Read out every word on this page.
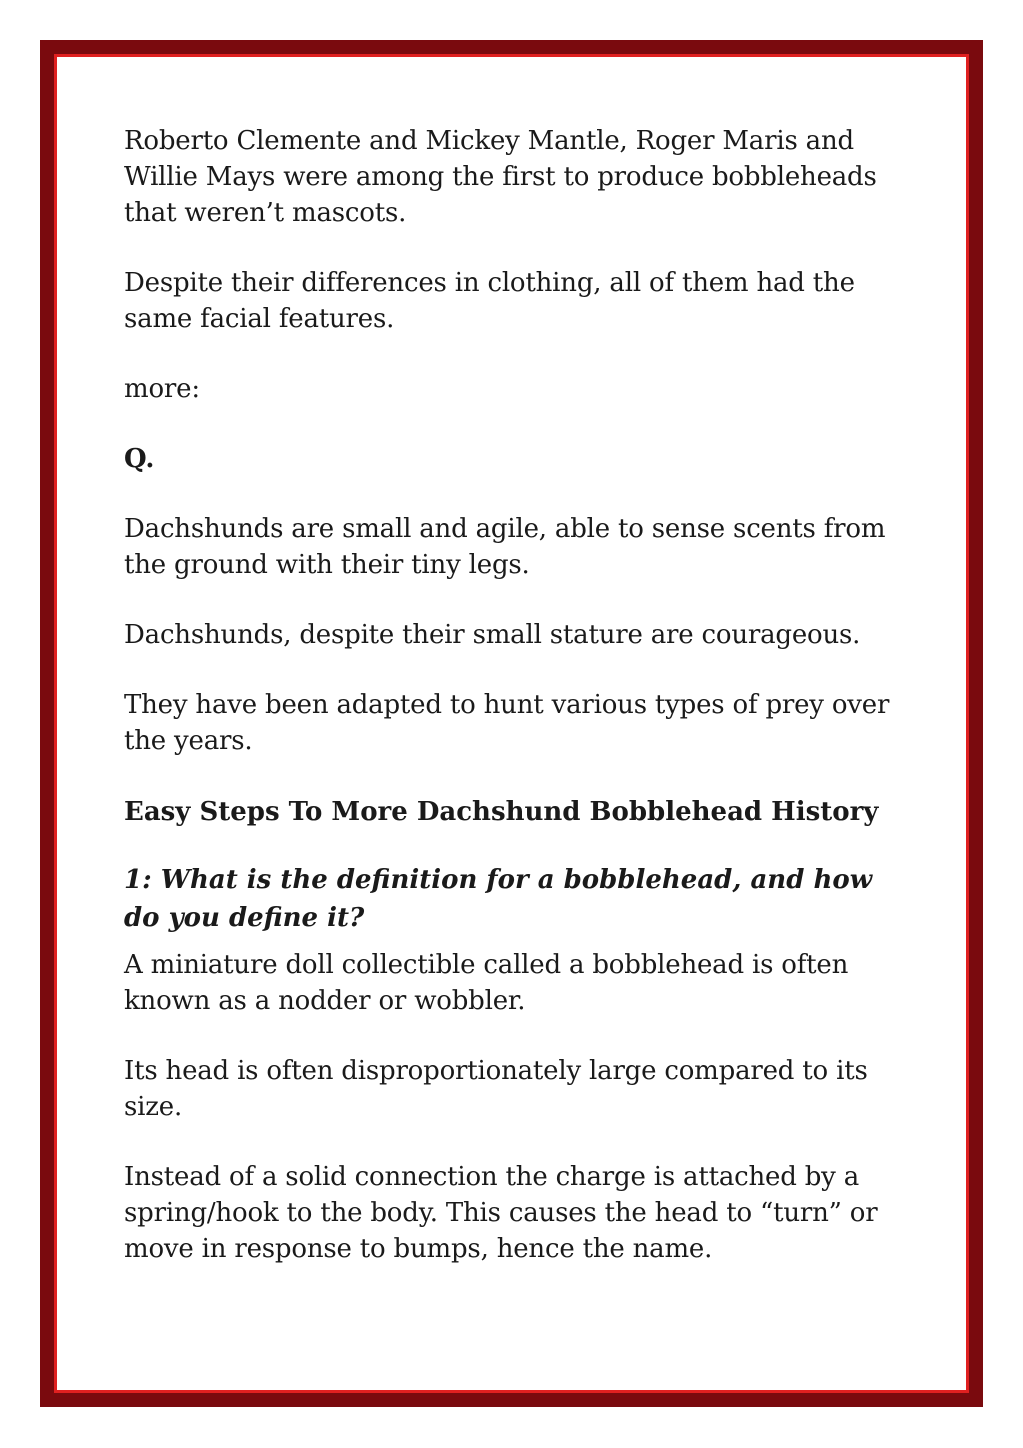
Roberto Clemente and Mickey Mantle, Roger Maris and Willie Mays were among the first to produce bobbleheads that weren’t mascots.

Despite their differences in clothing, all of them had the same facial features.

more:

Q.

Dachshunds are small and agile, able to sense scents from the ground with their tiny legs.

Dachshunds, despite their small stature are courageous.

They have been adapted to hunt various types of prey over the years.

Easy Steps To More Dachshund Bobblehead History
1: What is the definition for a bobblehead, and how do you define it?

A miniature doll collectible called a bobblehead is often known as a nodder or wobbler.

Its head is often disproportionately large compared to its size.

Instead of a solid connection the charge is attached by a spring/hook to the body. This causes the head to “turn” or move in response to bumps, hence the name.
